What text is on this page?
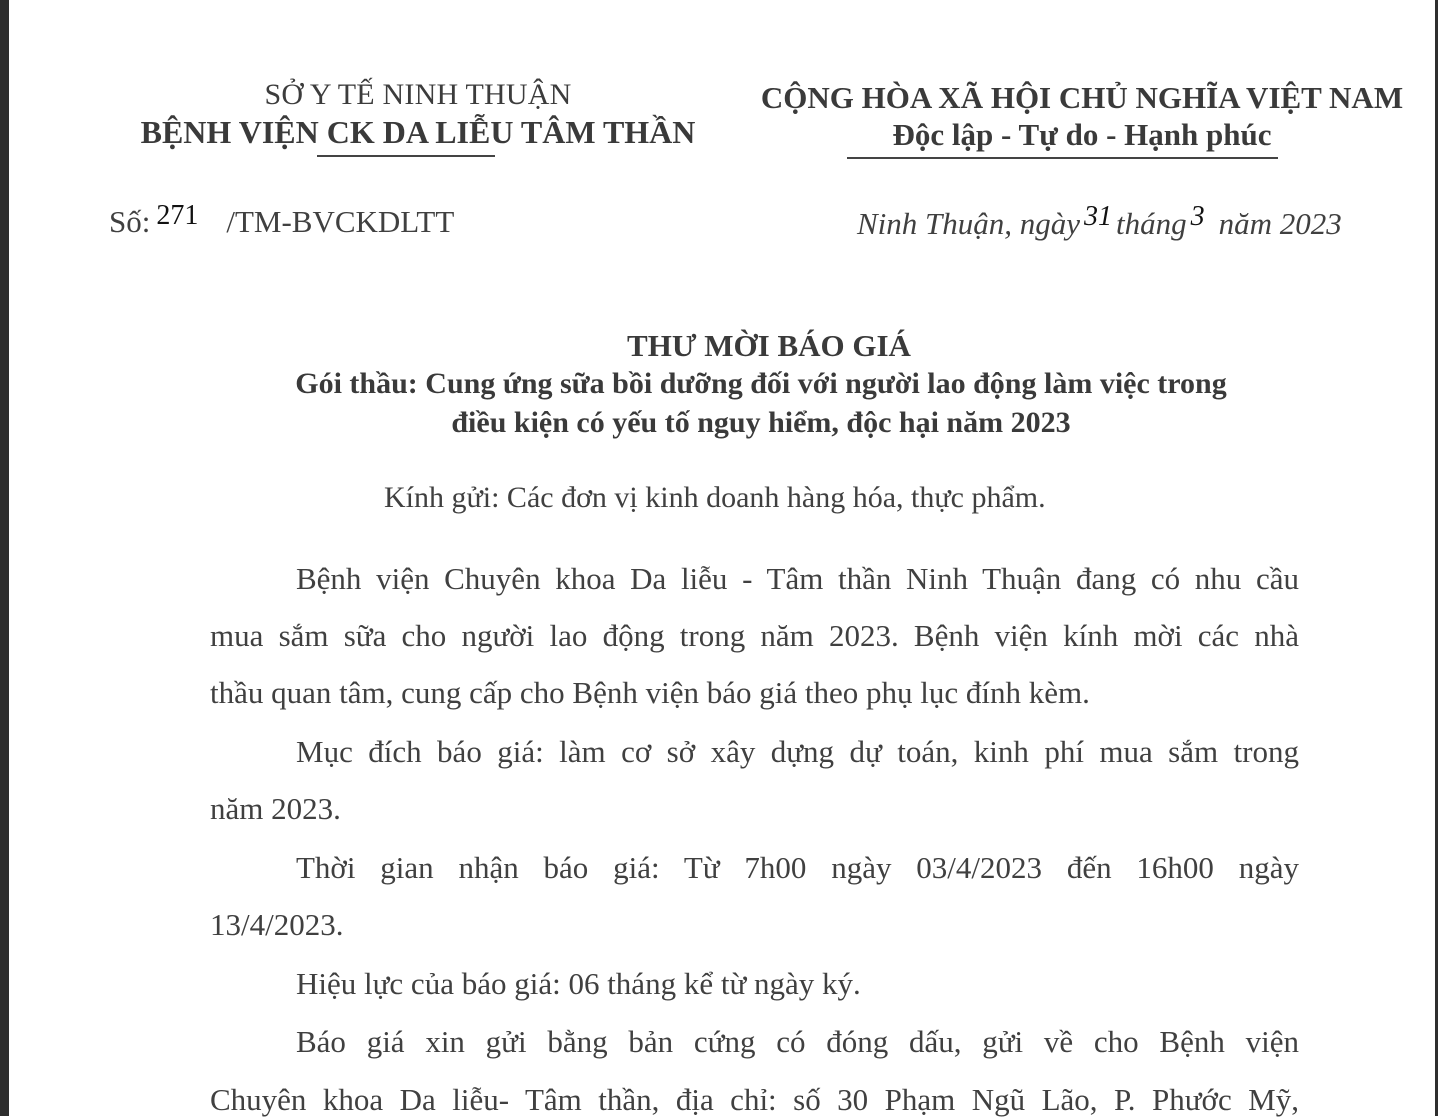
SỞ Y TẾ NINH THUẬN
BỆNH VIỆN CK DA LIỄU TÂM THẦN
CỘNG HÒA XÃ HỘI CHỦ NGHĨA VIỆT NAM
Độc lập - Tự do - Hạnh phúc
Số: 271 /TM-BVCKDLTT	Ninh Thuận, ngày 31 tháng 3 năm 2023
THƯ MỜI BÁO GIÁ
Gói thầu: Cung ứng sữa bồi dưỡng đối với người lao động làm việc trong
điều kiện có yếu tố nguy hiểm, độc hại năm 2023
Kính gửi: Các đơn vị kinh doanh hàng hóa, thực phẩm.
Bệnh viện Chuyên khoa Da liễu - Tâm thần Ninh Thuận đang có nhu cầu
mua sắm sữa cho người lao động trong năm 2023. Bệnh viện kính mời các nhà
thầu quan tâm, cung cấp cho Bệnh viện báo giá theo phụ lục đính kèm.
Mục đích báo giá: làm cơ sở xây dựng dự toán, kinh phí mua sắm trong
năm 2023.
Thời gian nhận báo giá: Từ 7h00 ngày 03/4/2023 đến 16h00 ngày
13/4/2023.
Hiệu lực của báo giá: 06 tháng kể từ ngày ký.
Báo giá xin gửi bằng bản cứng có đóng dấu, gửi về cho Bệnh viện
Chuyên khoa Da liễu- Tâm thần, địa chỉ: số 30 Phạm Ngũ Lão, P. Phước Mỹ,
